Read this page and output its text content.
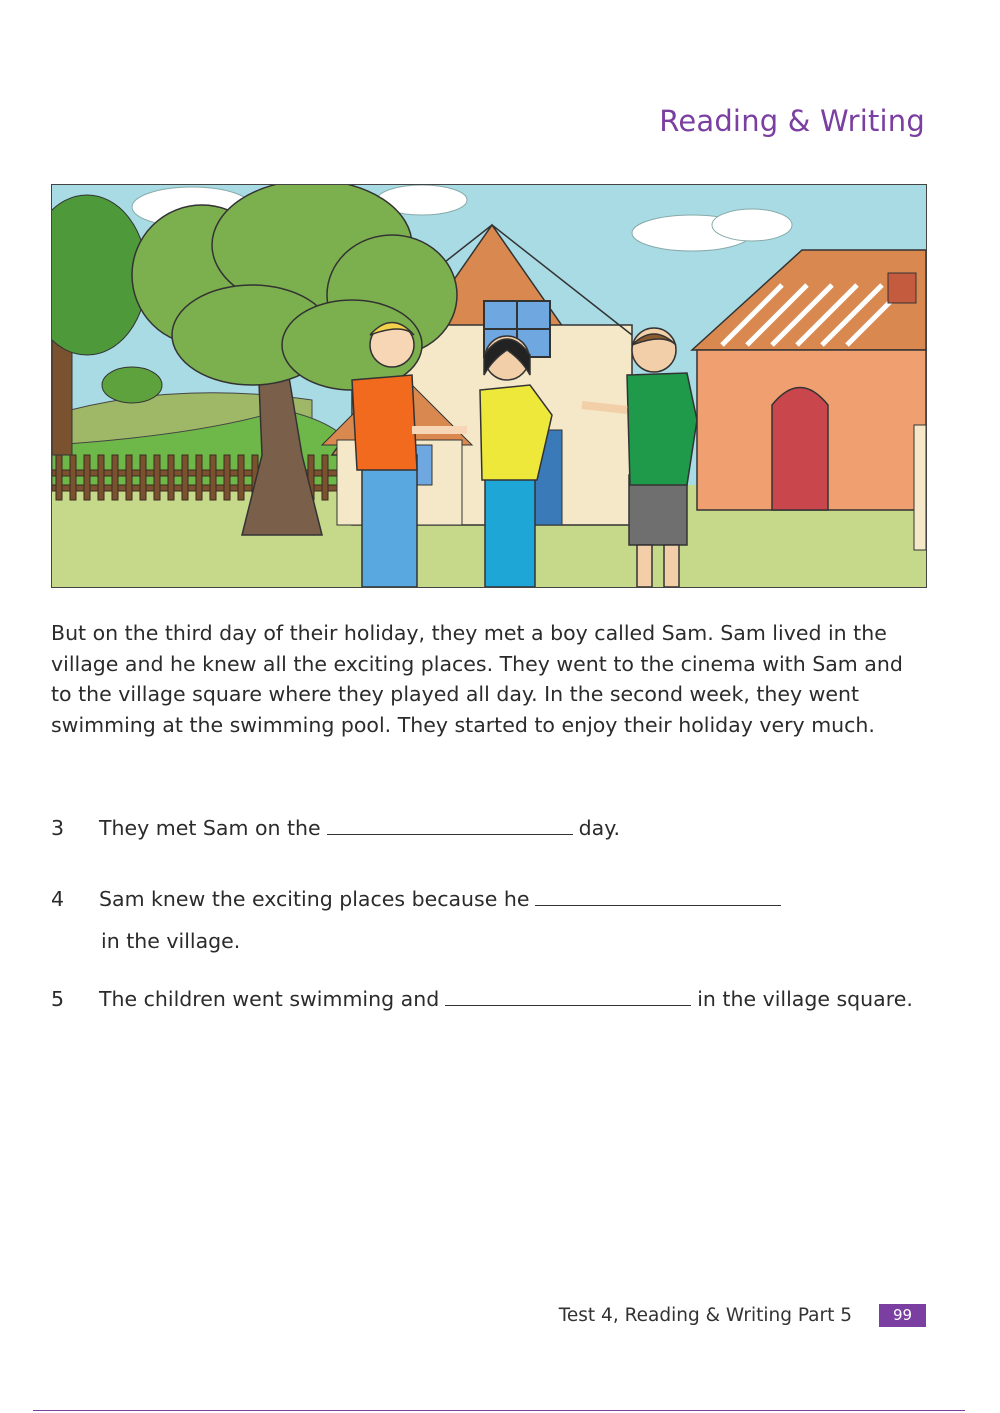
Reading & Writing
But on the third day of their holiday, they met a boy called Sam. Sam lived in the
village and he knew all the exciting places. They went to the cinema with Sam and
to the village square where they played all day. In the second week, they went
swimming at the swimming pool. They started to enjoy their holiday very much.
3 They met Sam on the	day.
4 Sam knew the exciting places because he
in the village.
5 The children went swimming and	in the village square.
Test 4, Reading & Writing Part 5	99
